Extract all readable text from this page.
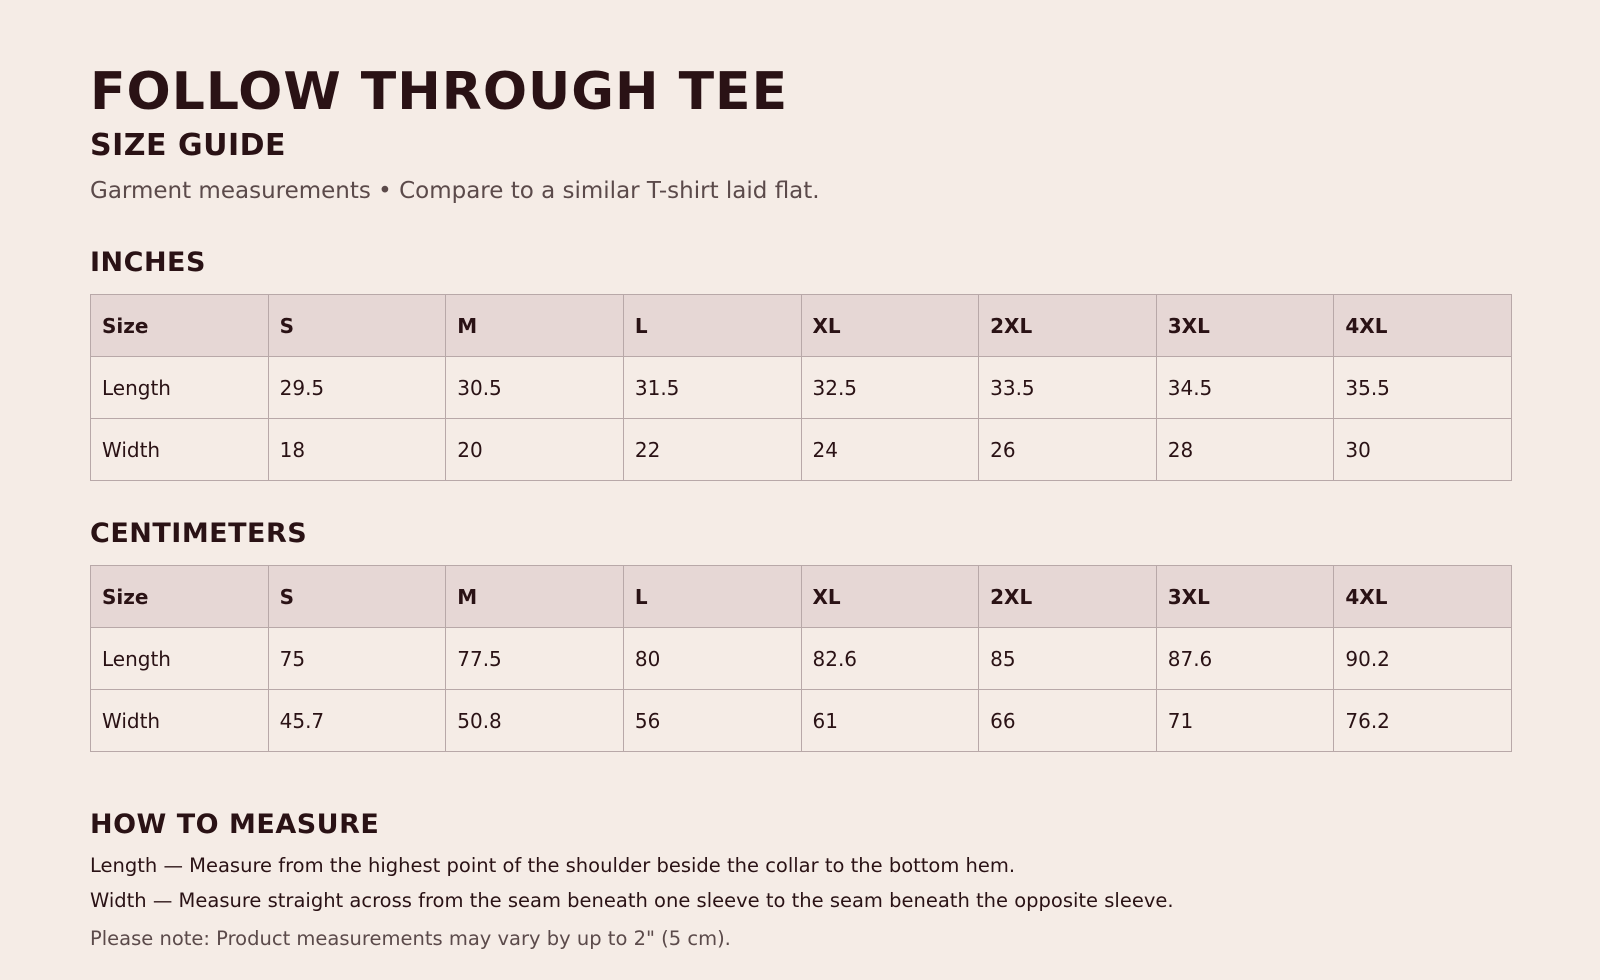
FOLLOW THROUGH TEE
SIZE GUIDE

Garment measurements • Compare to a similar T-shirt laid flat.

INCHES
Size	S	M	L	XL	2XL	3XL	4XL
Length	29.5	30.5	31.5	32.5	33.5	34.5	35.5
Width	18	20	22	24	26	28	30
CENTIMETERS
Size	S	M	L	XL	2XL	3XL	4XL
Length	75	77.5	80	82.6	85	87.6	90.2
Width	45.7	50.8	56	61	66	71	76.2
HOW TO MEASURE

Length — Measure from the highest point of the shoulder beside the collar to the bottom hem.

Width — Measure straight across from the seam beneath one sleeve to the seam beneath the opposite sleeve.

Please note: Product measurements may vary by up to 2" (5 cm).
